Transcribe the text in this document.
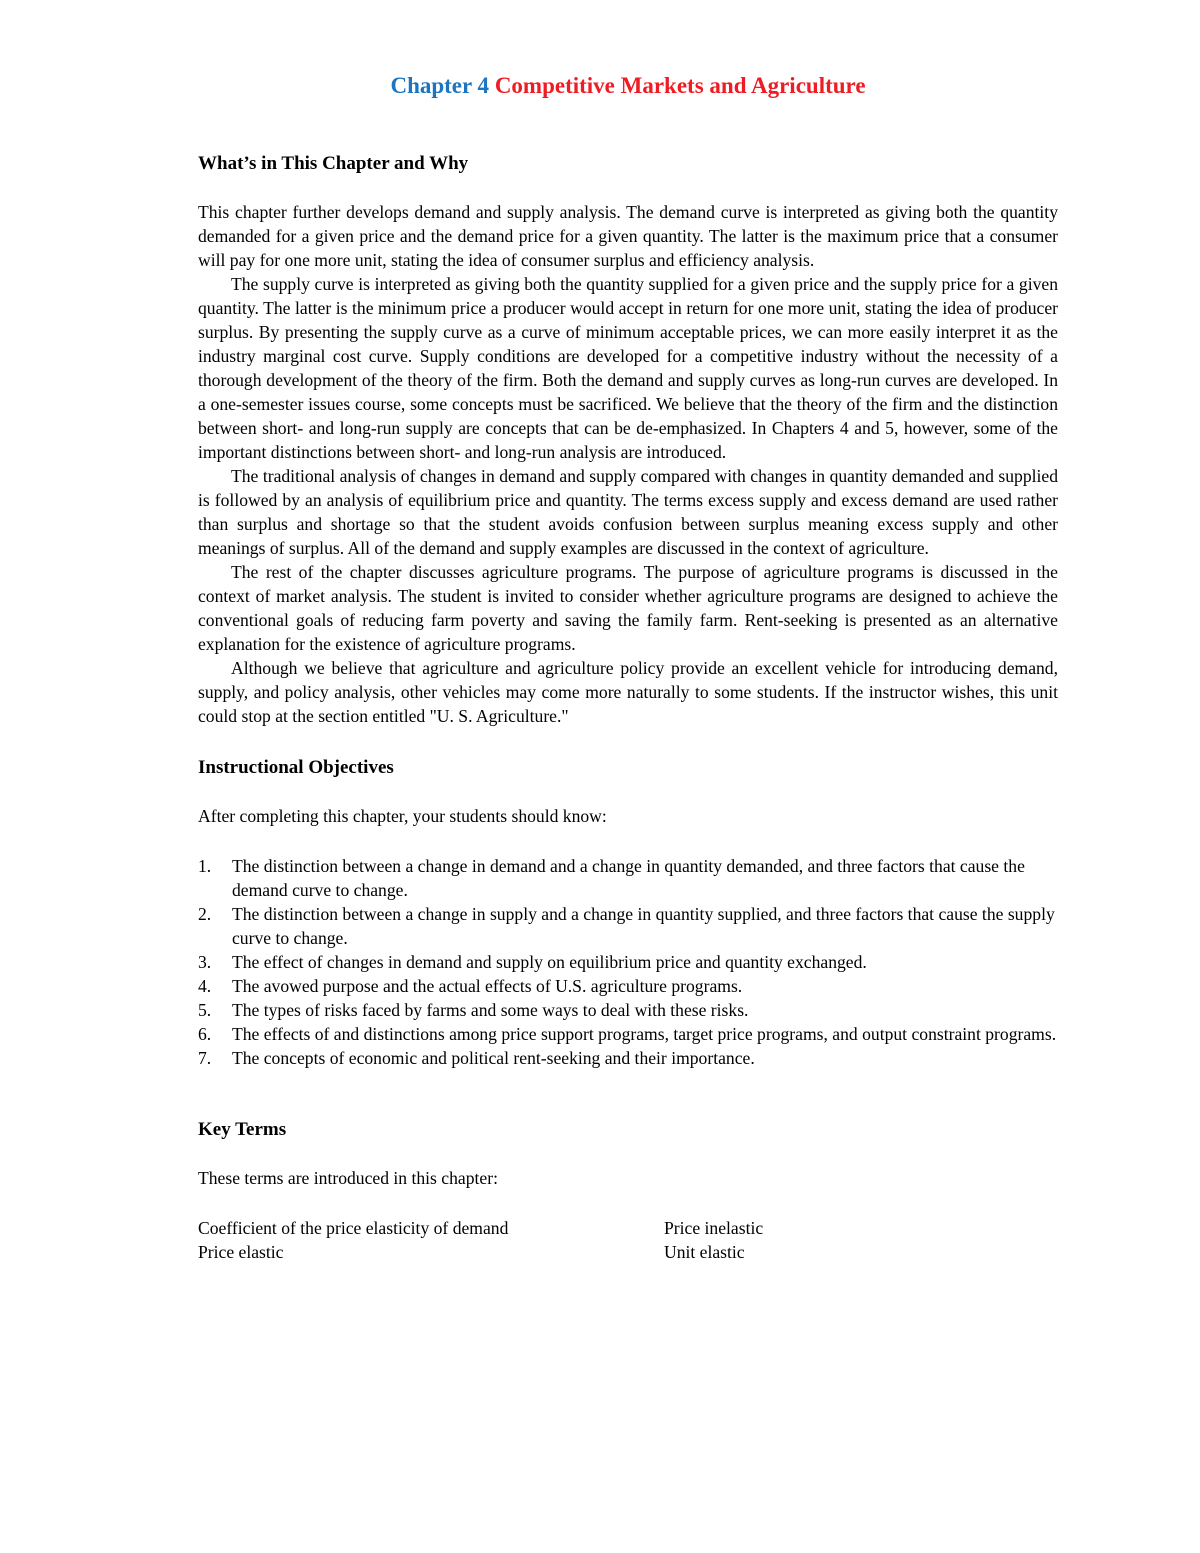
Chapter 4 Competitive Markets and Agriculture
What’s in This Chapter and Why

This chapter further develops demand and supply analysis. The demand curve is interpreted as giving both the quantity demanded for a given price and the demand price for a given quantity. The latter is the maximum price that a consumer will pay for one more unit, stating the idea of consumer surplus and efficiency analysis.

The supply curve is interpreted as giving both the quantity supplied for a given price and the supply price for a given quantity. The latter is the minimum price a producer would accept in return for one more unit, stating the idea of producer surplus. By presenting the supply curve as a curve of minimum acceptable prices, we can more easily interpret it as the industry marginal cost curve. Supply conditions are developed for a competitive industry without the necessity of a thorough development of the theory of the firm. Both the demand and supply curves as long-run curves are developed. In a one-semester issues course, some concepts must be sacrificed. We believe that the theory of the firm and the distinction between short- and long-run supply are concepts that can be de-emphasized. In Chapters 4 and 5, however, some of the important distinctions between short- and long-run analysis are introduced.

The traditional analysis of changes in demand and supply compared with changes in quantity demanded and supplied is followed by an analysis of equilibrium price and quantity. The terms excess supply and excess demand are used rather than surplus and shortage so that the student avoids confusion between surplus meaning excess supply and other meanings of surplus. All of the demand and supply examples are discussed in the context of agriculture.

The rest of the chapter discusses agriculture programs. The purpose of agriculture programs is discussed in the context of market analysis. The student is invited to consider whether agriculture programs are designed to achieve the conventional goals of reducing farm poverty and saving the family farm. Rent-seeking is presented as an alternative explanation for the existence of agriculture programs.

Although we believe that agriculture and agriculture policy provide an excellent vehicle for introducing demand, supply, and policy analysis, other vehicles may come more naturally to some students. If the instructor wishes, this unit could stop at the section entitled "U. S. Agriculture."

Instructional Objectives

After completing this chapter, your students should know:

1.	The distinction between a change in demand and a change in quantity demanded, and three factors that cause the demand curve to change.
2.	The distinction between a change in supply and a change in quantity supplied, and three factors that cause the supply curve to change.
3.	The effect of changes in demand and supply on equilibrium price and quantity exchanged.
4.	The avowed purpose and the actual effects of U.S. agriculture programs.
5.	The types of risks faced by farms and some ways to deal with these risks.
6.	The effects of and distinctions among price support programs, target price programs, and output constraint programs.
7.	The concepts of economic and political rent-seeking and their importance.
Key Terms

These terms are introduced in this chapter:

Coefficient of the price elasticity of demand	Price inelastic
Price elastic	Unit elastic
